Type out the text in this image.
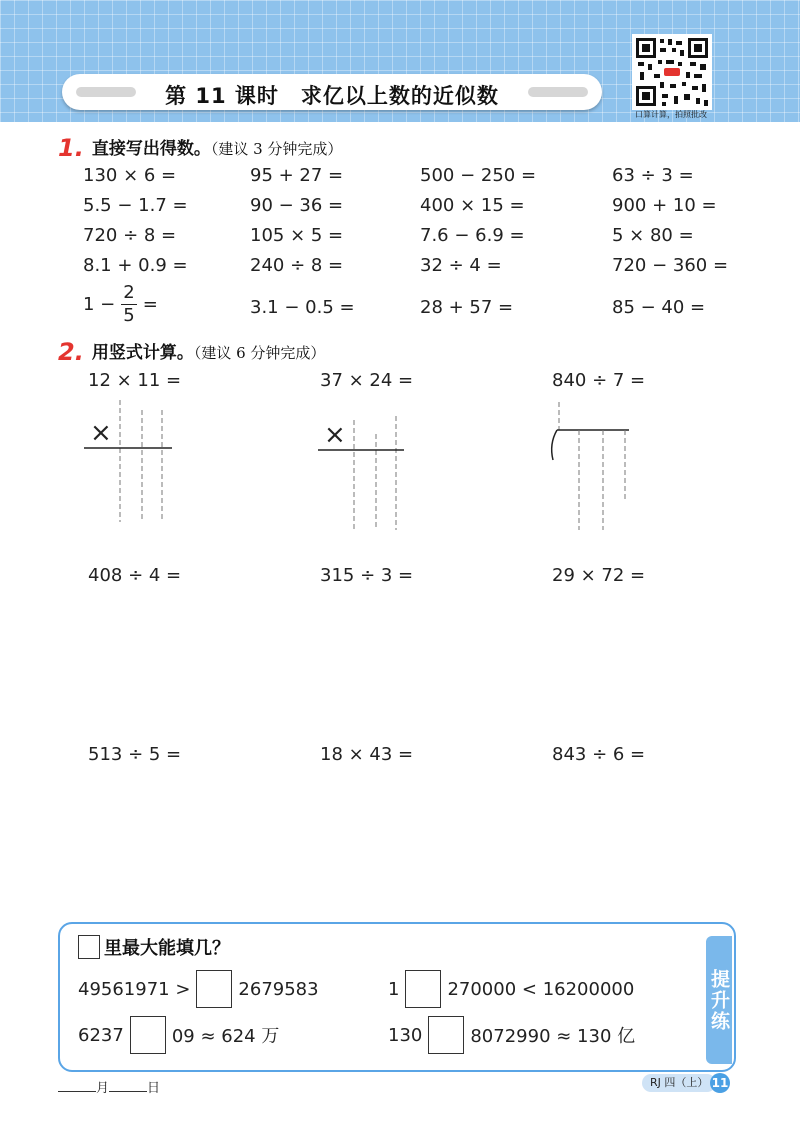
第 11 课时 求亿以上数的近似数
口算计算，拍照批改
1. 直接写出得数。（建议 3 分钟完成）
130 × 6 =	95 + 27 =	500 − 250 =	63 ÷ 3 =
5.5 − 1.7 =	90 − 36 =	400 × 15 =	900 + 10 =
720 ÷ 8 =	105 × 5 =	7.6 − 6.9 =	5 × 80 =
8.1 + 0.9 =	240 ÷ 8 =	32 ÷ 4 =	720 − 360 =
$1 - \frac{2}{5}$ =	3.1 − 0.5 =	28 + 57 =	85 − 40 =
2. 用竖式计算。（建议 6 分钟完成）
12 × 11 =	37 × 24 =	840 ÷ 7 =
×	×
408 ÷ 4 =	315 ÷ 3 =	29 × 72 =
513 ÷ 5 =	18 × 43 =	843 ÷ 6 =
提升练
里最大能填几？
49561971 >	2679583	1	270000 < 16200000
6237	09 ≈ 624 万	130	8072990 ≈ 130 亿
月	日	RJ 四（上） 11
